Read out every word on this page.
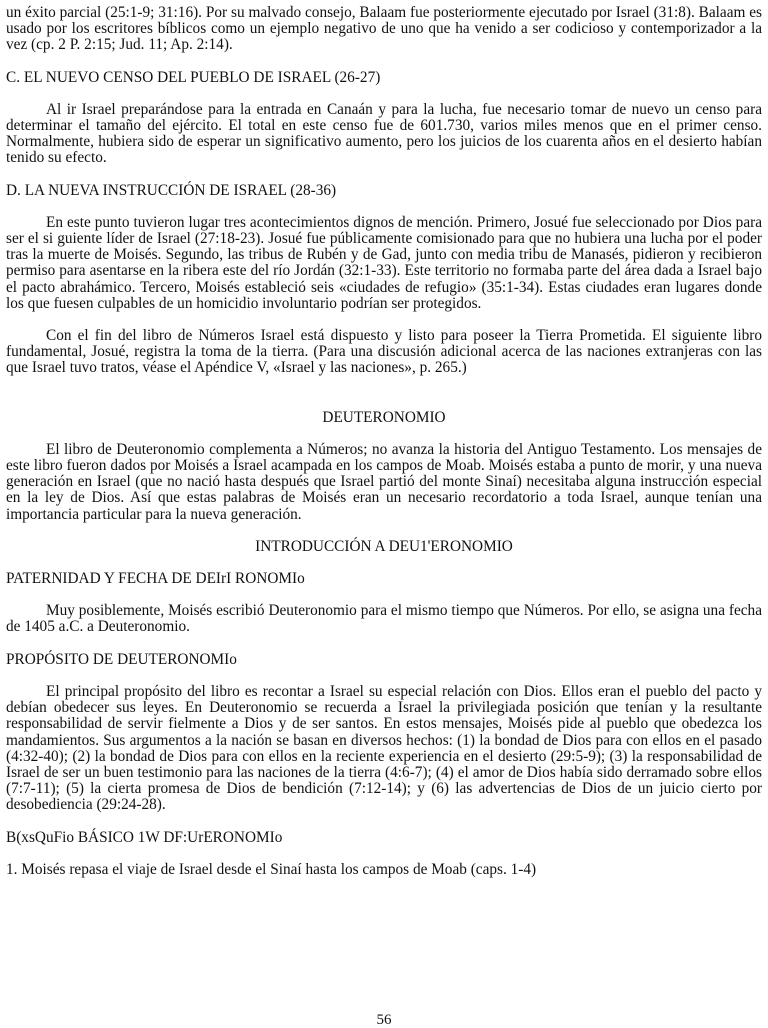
un éxito parcial (25:1-9; 31:16). Por su malvado consejo, Balaam fue posteriormente ejecutado por Israel (31:8). Balaam es usado por los escritores bíblicos como un ejemplo negativo de uno que ha venido a ser codicioso y contemporizador a la vez (cp. 2 P. 2:15; Jud. 11; Ap. 2:14).

C. EL NUEVO CENSO DEL PUEBLO DE ISRAEL (26-27)

Al ir Israel preparándose para la entrada en Canaán y para la lucha, fue necesario tomar de nuevo un censo para determinar el tamaño del ejército. El total en este censo fue de 601.730, varios miles menos que en el primer censo. Normalmente, hubiera sido de esperar un significativo aumento, pero los juicios de los cuarenta años en el desierto habían tenido su efecto.

D. LA NUEVA INSTRUCCIÓN DE ISRAEL (28-36)

En este punto tuvieron lugar tres acontecimientos dignos de mención. Primero, Josué fue seleccionado por Dios para ser el si guiente líder de Israel (27:18-23). Josué fue públicamente comisionado para que no hubiera una lucha por el poder tras la muerte de Moisés. Segundo, las tribus de Rubén y de Gad, junto con media tribu de Manasés, pidieron y recibieron permiso para asentarse en la ribera este del río Jordán (32:1-33). Este territorio no formaba parte del área dada a Israel bajo el pacto abrahámico. Tercero, Moisés estableció seis «ciudades de refugio» (35:1-34). Estas ciudades eran lugares donde los que fuesen culpables de un homicidio involuntario podrían ser protegidos.

Con el fin del libro de Números Israel está dispuesto y listo para poseer la Tierra Prometida. El siguiente libro fundamental, Josué, registra la toma de la tierra. (Para una discusión adicional acerca de las naciones extranjeras con las que Israel tuvo tratos, véase el Apéndice V, «Israel y las naciones», p. 265.)

DEUTERONOMIO

El libro de Deuteronomio complementa a Números; no avanza la historia del Antiguo Testamento. Los mensajes de este libro fueron dados por Moisés a Israel acampada en los campos de Moab. Moisés estaba a punto de morir, y una nueva generación en Israel (que no nació hasta después que Israel partió del monte Sinaí) necesitaba alguna instrucción especial en la ley de Dios. Así que estas palabras de Moisés eran un necesario recordatorio a toda Israel, aunque tenían una importancia particular para la nueva generación.

INTRODUCCIÓN A DEU1'ERONOMIO

PATERNIDAD Y FECHA DE DEIrI RONOMIo

Muy posiblemente, Moisés escribió Deuteronomio para el mismo tiempo que Números. Por ello, se asigna una fecha de 1405 a.C. a Deuteronomio.

PROPÓSITO DE DEUTERONOMIo

El principal propósito del libro es recontar a Israel su especial relación con Dios. Ellos eran el pueblo del pacto y debían obedecer sus leyes. En Deuteronomio se recuerda a Israel la privilegiada posición que tenían y la resultante responsabilidad de servir fielmente a Dios y de ser santos. En estos mensajes, Moisés pide al pueblo que obedezca los mandamientos. Sus argumentos a la nación se basan en diversos hechos: (1) la bondad de Dios para con ellos en el pasado (4:32-40); (2) la bondad de Dios para con ellos en la reciente experiencia en el desierto (29:5-9); (3) la responsabilidad de Israel de ser un buen testimonio para las naciones de la tierra (4:6-7); (4) el amor de Dios había sido derramado sobre ellos (7:7-11); (5) la cierta promesa de Dios de bendición (7:12-14); y (6) las advertencias de Dios de un juicio cierto por desobediencia (29:24-28).

B(xsQuFio BÁSICO 1W DF:UrERONOMIo

1. Moisés repasa el viaje de Israel desde el Sinaí hasta los campos de Moab (caps. 1-4)

56
